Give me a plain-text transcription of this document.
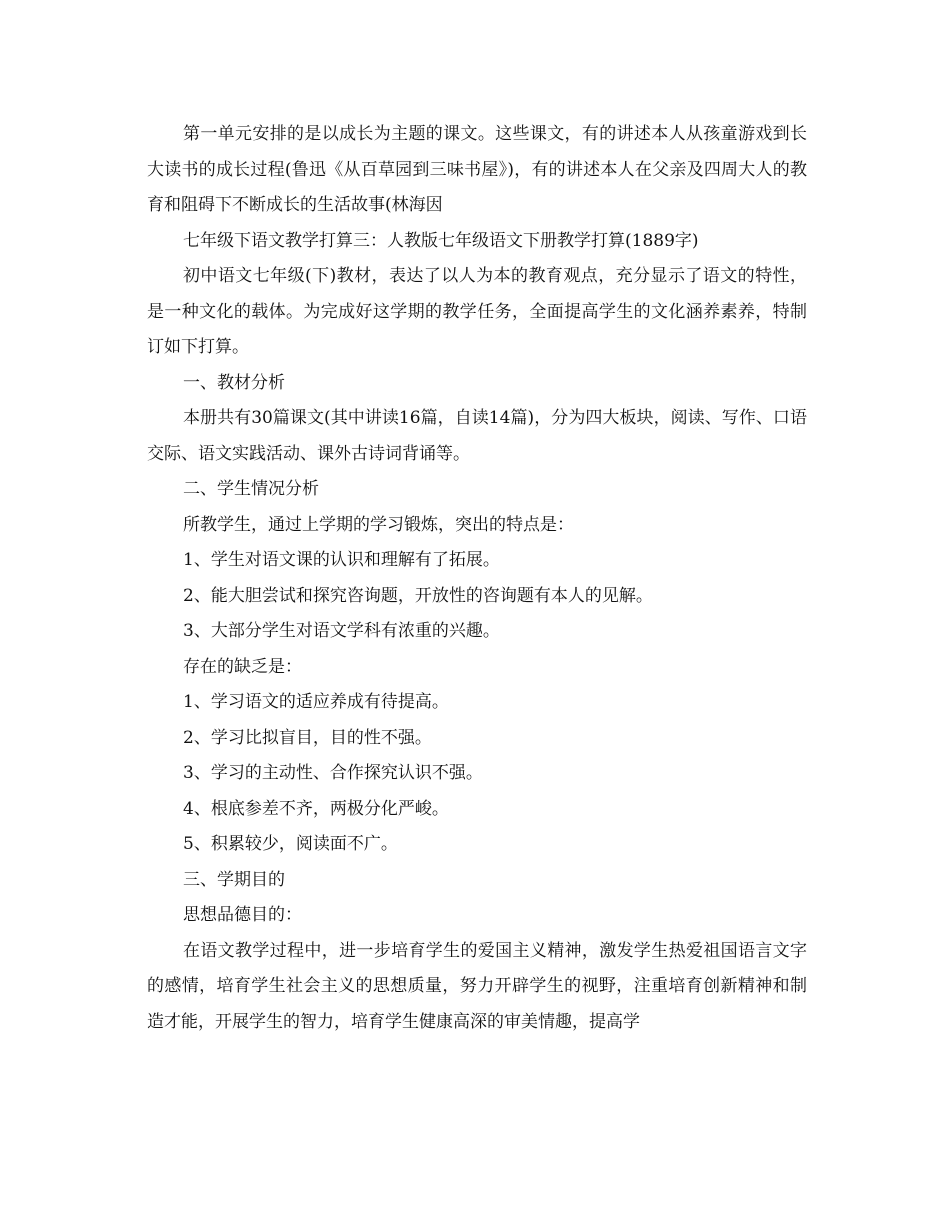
第一单元安排的是以成长为主题的课文。这些课文，有的讲述本人从孩童游戏到长大读书的成长过程(鲁迅《从百草园到三味书屋》)，有的讲述本人在父亲及四周大人的教育和阻碍下不断成长的生活故事(林海因

七年级下语文教学打算三：人教版七年级语文下册教学打算(1889字)

初中语文七年级(下)教材，表达了以人为本的教育观点，充分显示了语文的特性，是一种文化的载体。为完成好这学期的教学任务，全面提高学生的文化涵养素养，特制订如下打算。

一、教材分析

本册共有30篇课文(其中讲读16篇，自读14篇)，分为四大板块，阅读、写作、口语交际、语文实践活动、课外古诗词背诵等。

二、学生情况分析

所教学生，通过上学期的学习锻炼，突出的特点是：

1、学生对语文课的认识和理解有了拓展。

2、能大胆尝试和探究咨询题，开放性的咨询题有本人的见解。

3、大部分学生对语文学科有浓重的兴趣。

存在的缺乏是：

1、学习语文的适应养成有待提高。

2、学习比拟盲目，目的性不强。

3、学习的主动性、合作探究认识不强。

4、根底参差不齐，两极分化严峻。

5、积累较少，阅读面不广。

三、学期目的

思想品德目的：

在语文教学过程中，进一步培育学生的爱国主义精神，激发学生热爱祖国语言文字的感情，培育学生社会主义的思想质量，努力开辟学生的视野，注重培育创新精神和制造才能，开展学生的智力，培育学生健康高深的审美情趣，提高学
